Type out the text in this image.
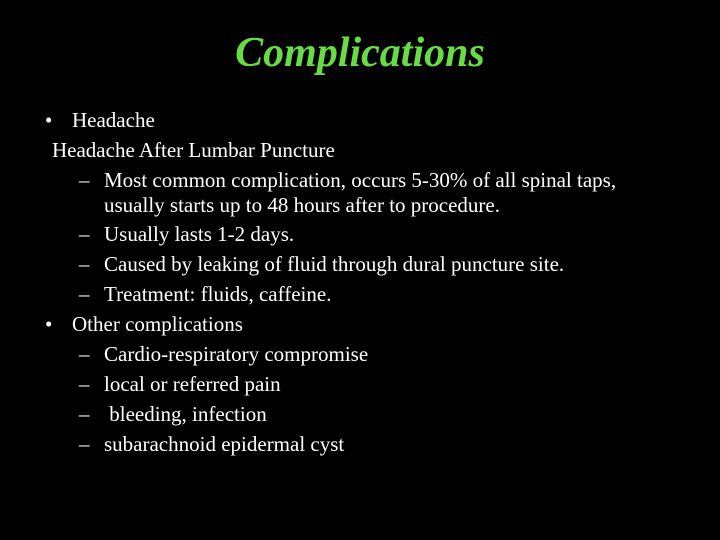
Complications
• Headache
Headache After Lumbar Puncture
– Most common complication, occurs 5-30% of all spinal taps, usually starts up to 48 hours after to procedure.
– Usually lasts 1-2 days.
– Caused by leaking of fluid through dural puncture site.
– Treatment: fluids, caffeine.
• Other complications
– Cardio-respiratory compromise
– local or referred pain
– bleeding, infection
– subarachnoid epidermal cyst
